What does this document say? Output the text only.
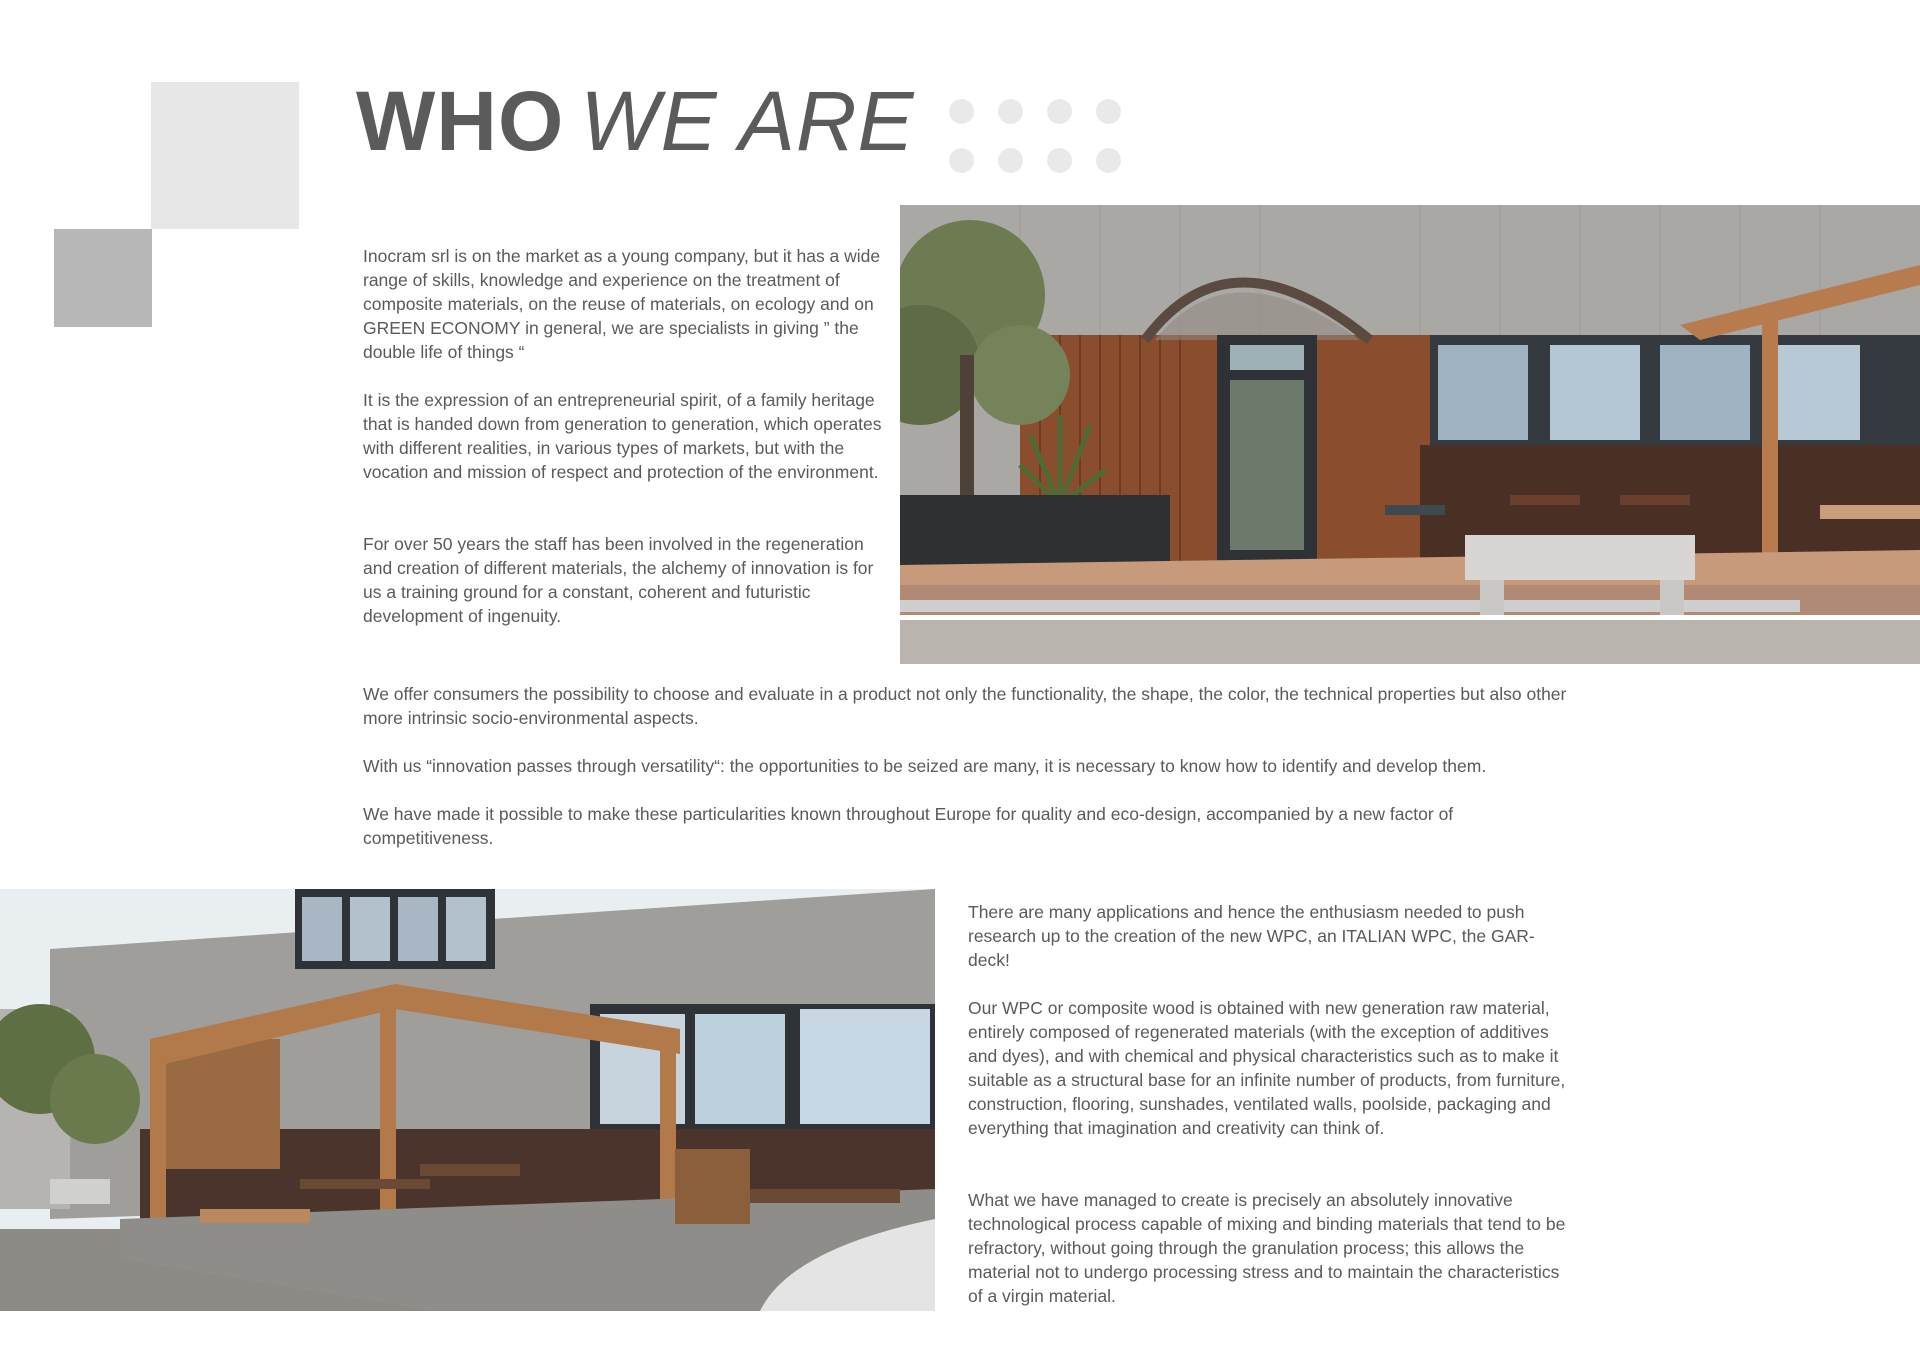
WHO WE ARE

Inocram srl is on the market as a young company, but it has a wide range of skills, knowledge and experience on the treatment of composite materials, on the reuse of materials, on ecology and on GREEN ECONOMY in general, we are specialists in giving ” the double life of things “

It is the expression of an entrepreneurial spirit, of a family heritage that is handed down from generation to generation, which operates with different realities, in various types of markets, but with the vocation and mission of respect and protection of the environment.

For over 50 years the staff has been involved in the regeneration and creation of different materials, the alchemy of innovation is for us a training ground for a constant, coherent and futuristic development of ingenuity.

We offer consumers the possibility to choose and evaluate in a product not only the functionality, the shape, the color, the technical properties but also other more intrinsic socio-environmental aspects.

With us “innovation passes through versatility“: the opportunities to be seized are many, it is necessary to know how to identify and develop them.

We have made it possible to make these particularities known throughout Europe for quality and eco-design, accompanied by a new factor of competitiveness.

There are many applications and hence the enthusiasm needed to push research up to the creation of the new WPC, an ITALIAN WPC, the GAR-deck!

Our WPC or composite wood is obtained with new generation raw material, entirely composed of regenerated materials (with the exception of additives and dyes), and with chemical and physical characteristics such as to make it suitable as a structural base for an infinite number of products, from furniture, construction, flooring, sunshades, ventilated walls, poolside, packaging and everything that imagination and creativity can think of.

What we have managed to create is precisely an absolutely innovative technological process capable of mixing and binding materials that tend to be refractory, without going through the granulation process; this allows the material not to undergo processing stress and to maintain the characteristics of a virgin material.
